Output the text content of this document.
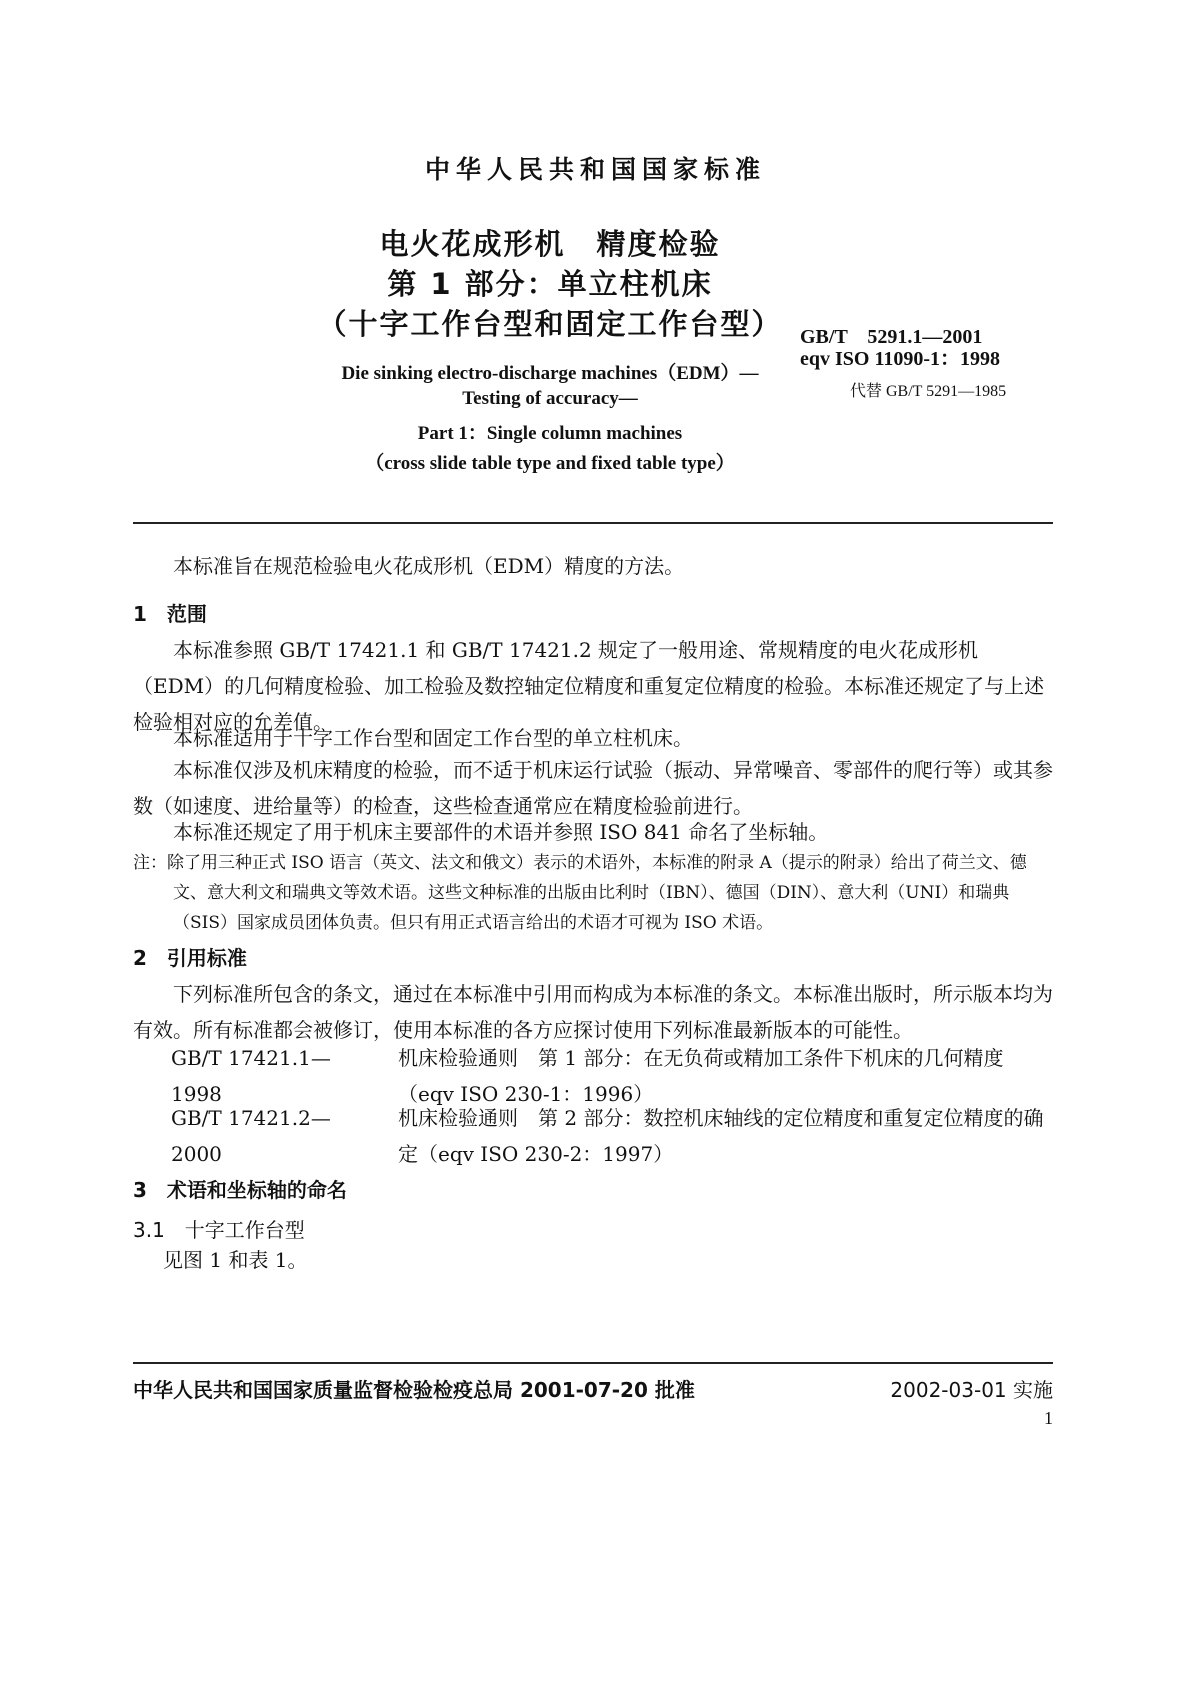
中华人民共和国国家标准
电火花成形机　精度检验
第 1 部分：单立柱机床
（十字工作台型和固定工作台型） GB/T　5291.1—2001
eqv ISO 11090-1：1998
代替 GB/T 5291—1985
Die sinking electro-discharge machines（EDM）—
Testing of accuracy—
Part 1：Single column machines
（cross slide table type and fixed table type）
本标准旨在规范检验电火花成形机（EDM）精度的方法。
1　范围
本标准参照 GB/T 17421.1 和 GB/T 17421.2 规定了一般用途、常规精度的电火花成形机（EDM）的几何精度检验、加工检验及数控轴定位精度和重复定位精度的检验。本标准还规定了与上述检验相对应的允差值。
本标准适用于十字工作台型和固定工作台型的单立柱机床。
本标准仅涉及机床精度的检验，而不适于机床运行试验（振动、异常噪音、零部件的爬行等）或其参数（如速度、进给量等）的检查，这些检查通常应在精度检验前进行。
本标准还规定了用于机床主要部件的术语并参照 ISO 841 命名了坐标轴。
注：除了用三种正式 ISO 语言（英文、法文和俄文）表示的术语外，本标准的附录 A（提示的附录）给出了荷兰文、德文、意大利文和瑞典文等效术语。这些文种标准的出版由比利时（IBN）、德国（DIN）、意大利（UNI）和瑞典（SIS）国家成员团体负责。但只有用正式语言给出的术语才可视为 ISO 术语。
2　引用标准
下列标准所包含的条文，通过在本标准中引用而构成为本标准的条文。本标准出版时，所示版本均为有效。所有标准都会被修订，使用本标准的各方应探讨使用下列标准最新版本的可能性。
GB/T 17421.1—1998
机床检验通则　第 1 部分：在无负荷或精加工条件下机床的几何精度（eqv ISO 230-1：1996）
GB/T 17421.2—2000
机床检验通则　第 2 部分：数控机床轴线的定位精度和重复定位精度的确定（eqv ISO 230-2：1997）
3　术语和坐标轴的命名
3.1　十字工作台型
见图 1 和表 1。
中华人民共和国国家质量监督检验检疫总局 2001-07-20 批准	2002-03-01 实施
1
